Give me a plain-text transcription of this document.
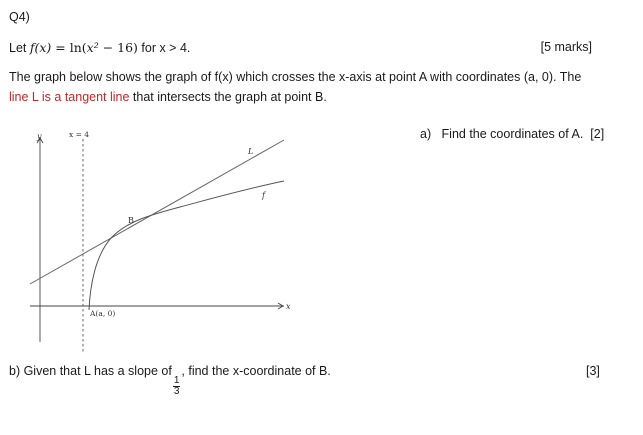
Q4)
Let f(x) = ln(x² − 16) for x > 4.	[5 marks]
The graph below shows the graph of f(x) which crosses the x-axis at point A with coordinates (a, 0). The
line L is a tangent line that intersects the graph at point B.
y
x
x = 4
L
f
B
A(a, 0)
a) Find the coordinates of A. [2]
b) Given that L has a slope of
$\frac{1}{3}$
, find the x-coordinate of B.	[3]
